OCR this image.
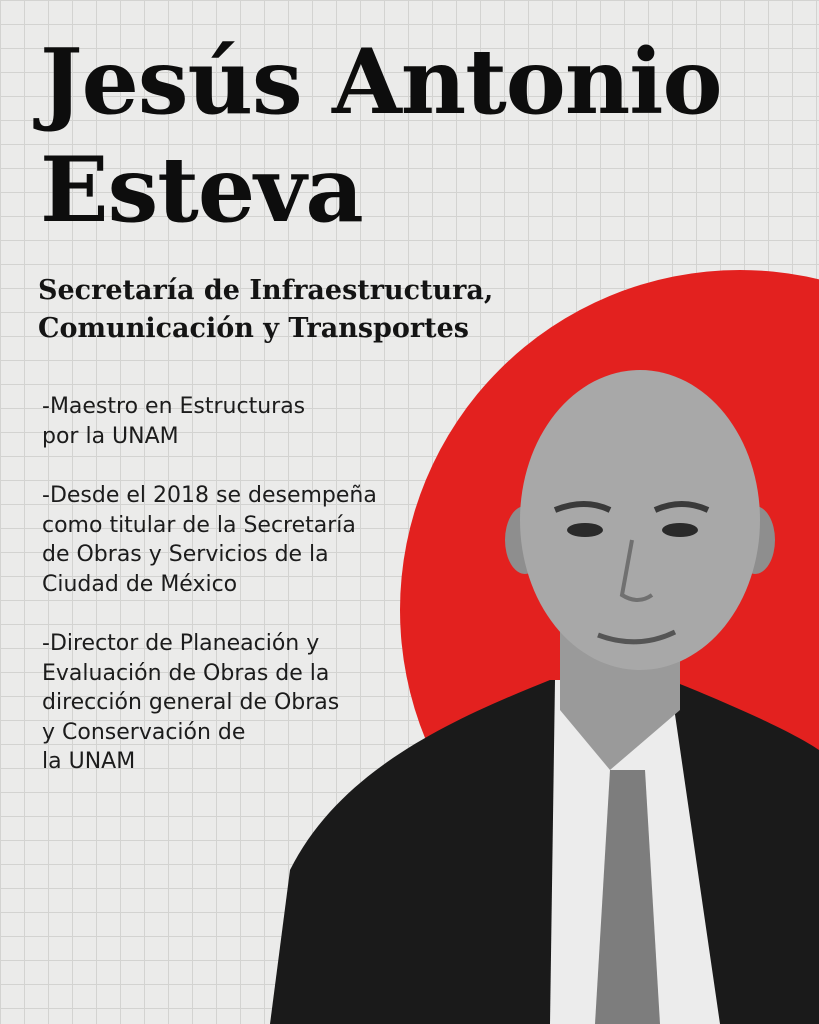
Jesús Antonio
Esteva
Secretaría de Infraestructura,
Comunicación y Transportes
-Maestro en Estructuras
por la UNAM
-Desde el 2018 se desempeña
como titular de la Secretaría
de Obras y Servicios de la
Ciudad de México
-Director de Planeación y
Evaluación de Obras de la
dirección general de Obras
y Conservación de
la UNAM
